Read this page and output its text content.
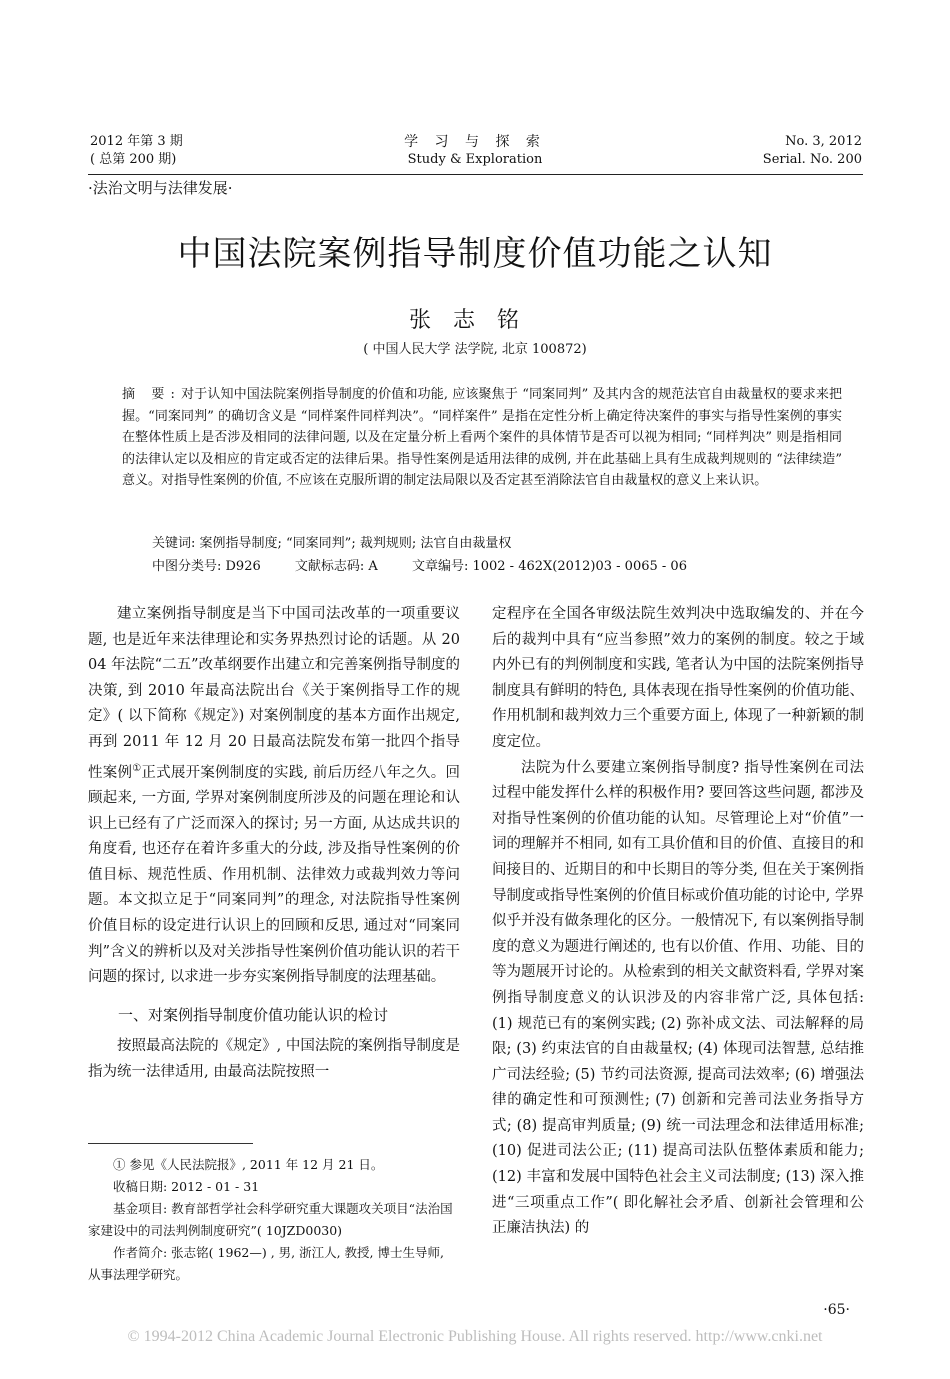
2012 年第 3 期
( 总第 200 期)
学 习 与 探 索
Study & Exploration
No. 3, 2012
Serial. No. 200
·法治文明与法律发展·
中国法院案例指导制度价值功能之认知
张志铭
( 中国人民大学 法学院, 北京 100872)
摘 要:对于认知中国法院案例指导制度的价值和功能, 应该聚焦于 “同案同判” 及其内含的规范法官自由裁量权的要求来把握。“同案同判” 的确切含义是 “同样案件同样判决”。“同样案件” 是指在定性分析上确定待决案件的事实与指导性案例的事实在整体性质上是否涉及相同的法律问题, 以及在定量分析上看两个案件的具体情节是否可以视为相同; “同样判决” 则是指相同的法律认定以及相应的肯定或否定的法律后果。指导性案例是适用法律的成例, 并在此基础上具有生成裁判规则的 “法律续造” 意义。对指导性案例的价值, 不应该在克服所谓的制定法局限以及否定甚至消除法官自由裁量权的意义上来认识。
关键词: 案例指导制度; “同案同判”; 裁判规则; 法官自由裁量权
中图分类号: D926	文献标志码: A	文章编号: 1002 - 462X(2012)03 - 0065 - 06

建立案例指导制度是当下中国司法改革的一项重要议题, 也是近年来法律理论和实务界热烈讨论的话题。从 2004 年法院“二五”改革纲要作出建立和完善案例指导制度的决策, 到 2010 年最高法院出台《关于案例指导工作的规定》( 以下简称《规定》) 对案例制度的基本方面作出规定, 再到 2011 年 12 月 20 日最高法院发布第一批四个指导性案例①正式展开案例制度的实践, 前后历经八年之久。回顾起来, 一方面, 学界对案例制度所涉及的问题在理论和认识上已经有了广泛而深入的探讨; 另一方面, 从达成共识的角度看, 也还存在着许多重大的分歧, 涉及指导性案例的价值目标、规范性质、作用机制、法律效力或裁判效力等问题。本文拟立足于“同案同判”的理念, 对法院指导性案例价值目标的设定进行认识上的回顾和反思, 通过对“同案同判”含义的辨析以及对关涉指导性案例价值功能认识的若干问题的探讨, 以求进一步夯实案例指导制度的法理基础。

一、对案例指导制度价值功能认识的检讨

按照最高法院的《规定》, 中国法院的案例指导制度是指为统一法律适用, 由最高法院按照一

定程序在全国各审级法院生效判决中选取编发的、并在今后的裁判中具有“应当参照”效力的案例的制度。较之于域内外已有的判例制度和实践, 笔者认为中国的法院案例指导制度具有鲜明的特色, 具体表现在指导性案例的价值功能、作用机制和裁判效力三个重要方面上, 体现了一种新颖的制度定位。

法院为什么要建立案例指导制度? 指导性案例在司法过程中能发挥什么样的积极作用? 要回答这些问题, 都涉及对指导性案例的价值功能的认知。尽管理论上对“价值”一词的理解并不相同, 如有工具价值和目的价值、直接目的和间接目的、近期目的和中长期目的等分类, 但在关于案例指导制度或指导性案例的价值目标或价值功能的讨论中, 学界似乎并没有做条理化的区分。一般情况下, 有以案例指导制度的意义为题进行阐述的, 也有以价值、作用、功能、目的等为题展开讨论的。从检索到的相关文献资料看, 学界对案例指导制度意义的认识涉及的内容非常广泛, 具体包括: (1) 规范已有的案例实践; (2) 弥补成文法、司法解释的局限; (3) 约束法官的自由裁量权; (4) 体现司法智慧, 总结推广司法经验; (5) 节约司法资源, 提高司法效率; (6) 增强法律的确定性和可预测性; (7) 创新和完善司法业务指导方式; (8) 提高审判质量; (9) 统一司法理念和法律适用标准; (10) 促进司法公正; (11) 提高司法队伍整体素质和能力; (12) 丰富和发展中国特色社会主义司法制度; (13) 深入推进“三项重点工作”( 即化解社会矛盾、创新社会管理和公正廉洁执法) 的

① 参见《人民法院报》, 2011 年 12 月 21 日。

收稿日期: 2012 - 01 - 31

基金项目: 教育部哲学社会科学研究重大课题攻关项目“法治国家建设中的司法判例制度研究”( 10JZD0030)

作者简介: 张志铭( 1962—) , 男, 浙江人, 教授, 博士生导师, 从事法理学研究。

·65·
© 1994-2012 China Academic Journal Electronic Publishing House. All rights reserved. http://www.cnki.net
